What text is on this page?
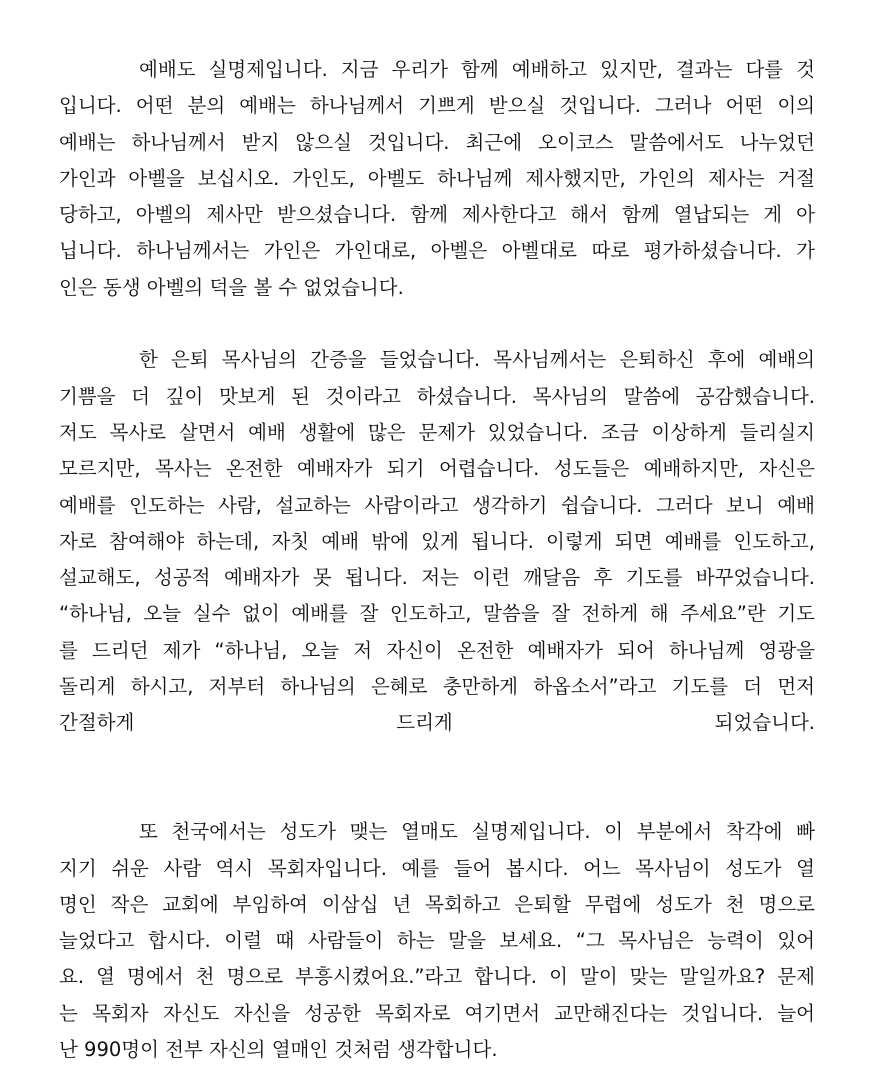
예배도 실명제입니다. 지금 우리가 함께 예배하고 있지만, 결과는 다를 것
입니다. 어떤 분의 예배는 하나님께서 기쁘게 받으실 것입니다. 그러나 어떤 이의
예배는 하나님께서 받지 않으실 것입니다. 최근에 오이코스 말씀에서도 나누었던
가인과 아벨을 보십시오. 가인도, 아벨도 하나님께 제사했지만, 가인의 제사는 거절
당하고, 아벨의 제사만 받으셨습니다. 함께 제사한다고 해서 함께 열납되는 게 아
닙니다. 하나님께서는 가인은 가인대로, 아벨은 아벨대로 따로 평가하셨습니다. 가
인은 동생 아벨의 덕을 볼 수 없었습니다.

한 은퇴 목사님의 간증을 들었습니다. 목사님께서는 은퇴하신 후에 예배의
기쁨을 더 깊이 맛보게 된 것이라고 하셨습니다. 목사님의 말씀에 공감했습니다.
저도 목사로 살면서 예배 생활에 많은 문제가 있었습니다. 조금 이상하게 들리실지
모르지만, 목사는 온전한 예배자가 되기 어렵습니다. 성도들은 예배하지만, 자신은
예배를 인도하는 사람, 설교하는 사람이라고 생각하기 쉽습니다. 그러다 보니 예배
자로 참여해야 하는데, 자칫 예배 밖에 있게 됩니다. 이렇게 되면 예배를 인도하고,
설교해도, 성공적 예배자가 못 됩니다. 저는 이런 깨달음 후 기도를 바꾸었습니다.
“하나님, 오늘 실수 없이 예배를 잘 인도하고, 말씀을 잘 전하게 해 주세요”란 기도
를 드리던 제가 “하나님, 오늘 저 자신이 온전한 예배자가 되어 하나님께 영광을
돌리게 하시고, 저부터 하나님의 은혜로 충만하게 하옵소서”라고 기도를 더 먼저
간절하게 드리게 되었습니다.

또 천국에서는 성도가 맺는 열매도 실명제입니다. 이 부분에서 착각에 빠
지기 쉬운 사람 역시 목회자입니다. 예를 들어 봅시다. 어느 목사님이 성도가 열
명인 작은 교회에 부임하여 이삼십 년 목회하고 은퇴할 무렵에 성도가 천 명으로
늘었다고 합시다. 이럴 때 사람들이 하는 말을 보세요. “그 목사님은 능력이 있어
요. 열 명에서 천 명으로 부흥시켰어요.”라고 합니다. 이 말이 맞는 말일까요? 문제
는 목회자 자신도 자신을 성공한 목회자로 여기면서 교만해진다는 것입니다. 늘어
난 990명이 전부 자신의 열매인 것처럼 생각합니다.
